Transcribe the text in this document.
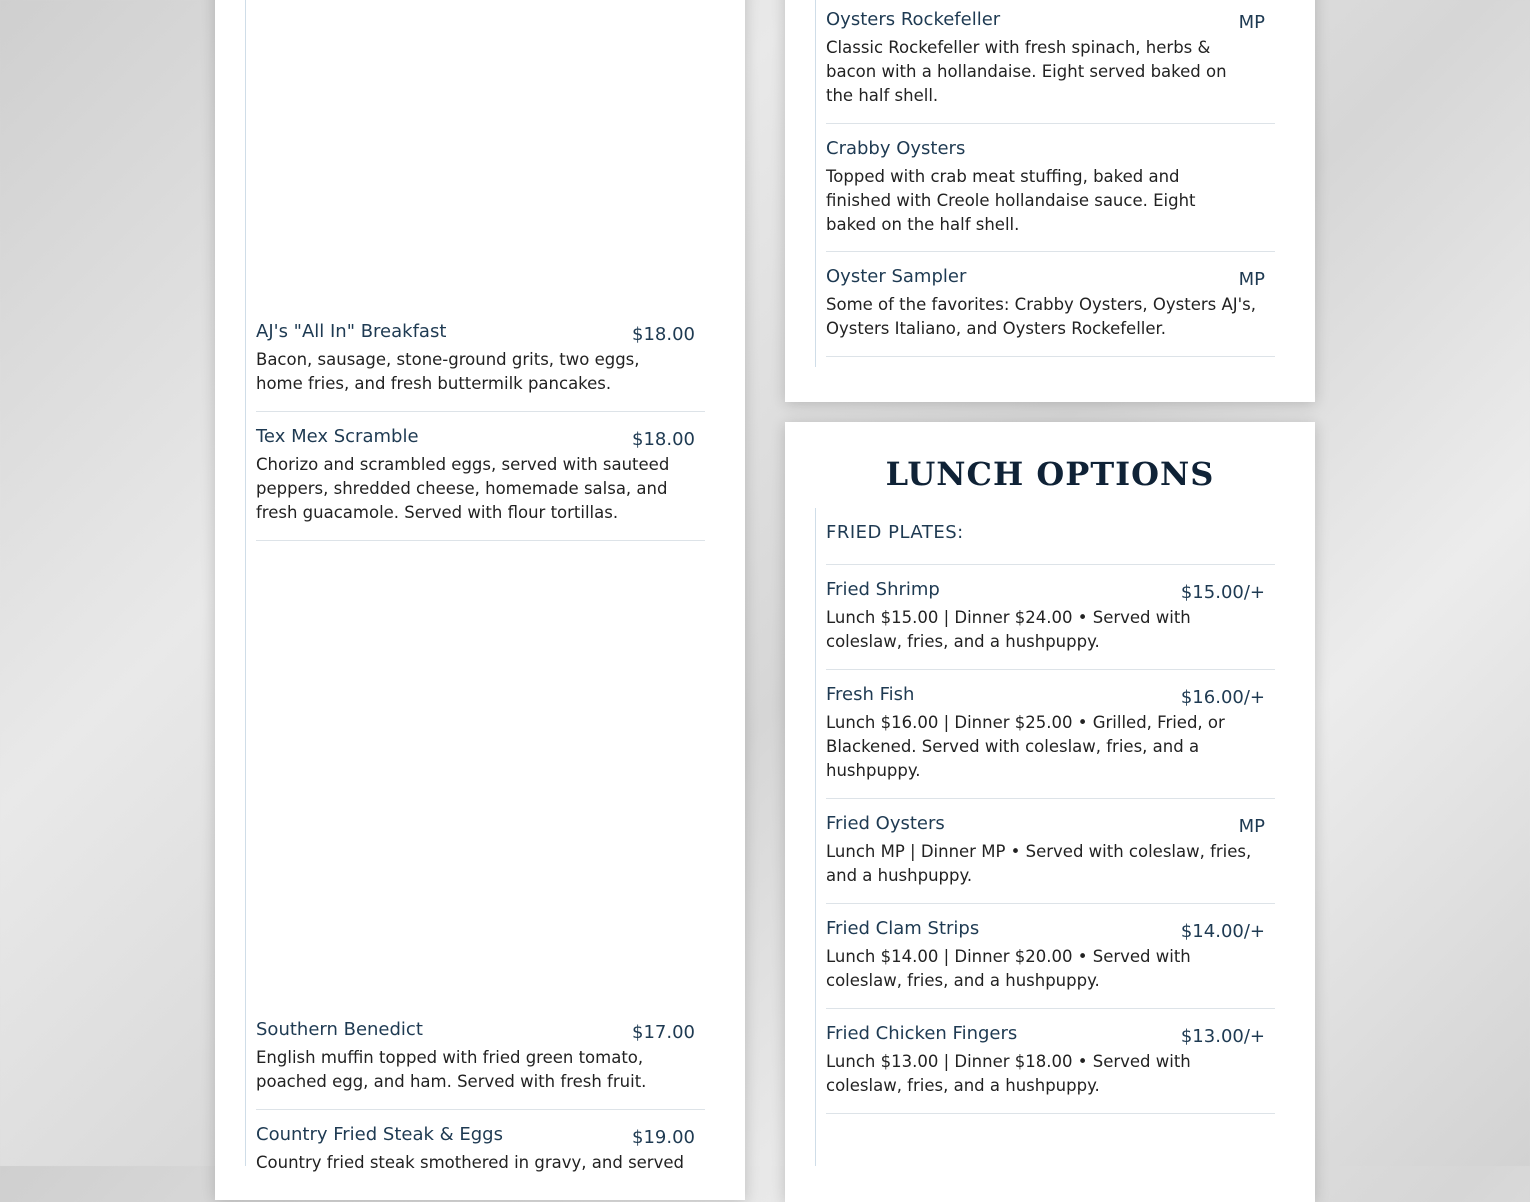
AJ's "All In" Breakfast	$18.00
Bacon, sausage, stone-ground grits, two eggs,
home fries, and fresh buttermilk pancakes.
Tex Mex Scramble	$18.00
Chorizo and scrambled eggs, served with sauteed
peppers, shredded cheese, homemade salsa, and
fresh guacamole. Served with flour tortillas.
Southern Benedict	$17.00
English muffin topped with fried green tomato,
poached egg, and ham. Served with fresh fruit.
Country Fried Steak & Eggs	$19.00
Country fried steak smothered in gravy, and served
Oysters Rockefeller	MP
Classic Rockefeller with fresh spinach, herbs &
bacon with a hollandaise. Eight served baked on
the half shell.
Crabby Oysters
Topped with crab meat stuffing, baked and
finished with Creole hollandaise sauce. Eight
baked on the half shell.
Oyster Sampler	MP
Some of the favorites: Crabby Oysters, Oysters AJ's,
Oysters Italiano, and Oysters Rockefeller.
LUNCH OPTIONS
FRIED PLATES:
Fried Shrimp	$15.00/+
Lunch $15.00 | Dinner $24.00 • Served with
coleslaw, fries, and a hushpuppy.
Fresh Fish	$16.00/+
Lunch $16.00 | Dinner $25.00 • Grilled, Fried, or
Blackened. Served with coleslaw, fries, and a
hushpuppy.
Fried Oysters	MP
Lunch MP | Dinner MP • Served with coleslaw, fries,
and a hushpuppy.
Fried Clam Strips	$14.00/+
Lunch $14.00 | Dinner $20.00 • Served with
coleslaw, fries, and a hushpuppy.
Fried Chicken Fingers	$13.00/+
Lunch $13.00 | Dinner $18.00 • Served with
coleslaw, fries, and a hushpuppy.
